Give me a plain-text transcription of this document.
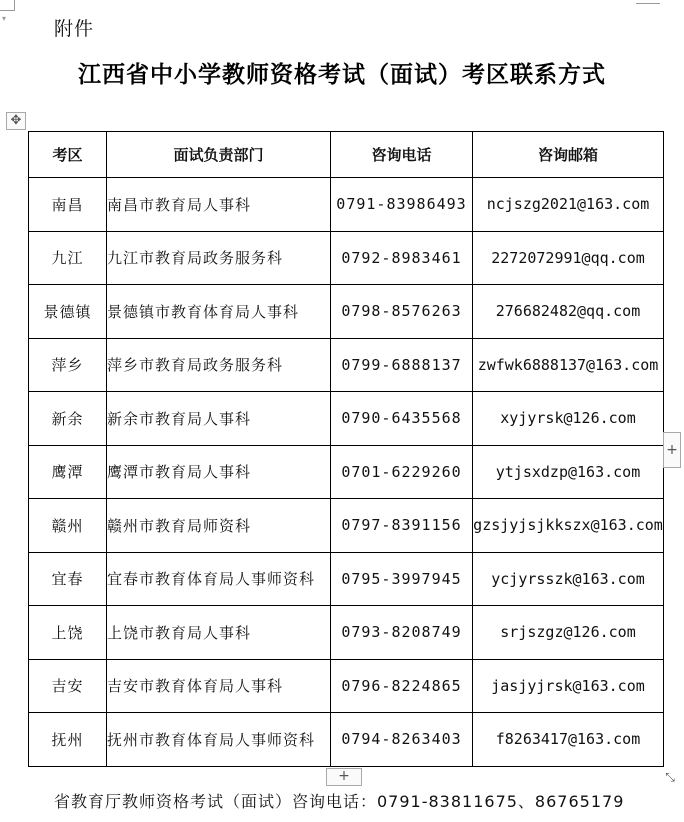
▾	附件
江西省中小学教师资格考试（面试）考区联系方式
✥
考区	面试负责部门	咨询电话	咨询邮箱
南昌	南昌市教育局人事科	0791-83986493	ncjszg2021@163.com
九江	九江市教育局政务服务科	0792-8983461	2272072991@qq.com
景德镇	景德镇市教育体育局人事科	0798-8576263	276682482@qq.com
萍乡	萍乡市教育局政务服务科	0799-6888137	zwfwk6888137@163.com
新余	新余市教育局人事科	0790-6435568	xyjyrsk@126.com
鹰潭	鹰潭市教育局人事科	0701-6229260	ytjsxdzp@163.com
赣州	赣州市教育局师资科	0797-8391156	gzsjyjsjkkszx@163.com
宜春	宜春市教育体育局人事师资科	0795-3997945	ycjyrsszk@163.com
上饶	上饶市教育局人事科	0793-8208749	srjszgz@126.com
吉安	吉安市教育体育局人事科	0796-8224865	jasjyjrsk@163.com
抚州	抚州市教育体育局人事师资科	0794-8263403	f8263417@163.com
+
+	⤡
省教育厅教师资格考试（面试）咨询电话：0791-83811675、86765179
